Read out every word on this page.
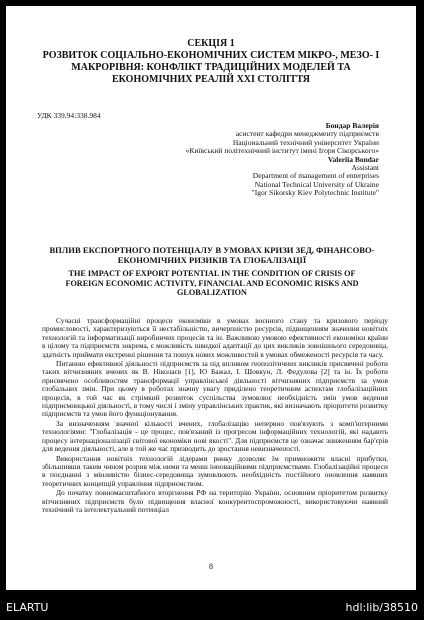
СЕКЦІЯ 1
РОЗВИТОК СОЦІАЛЬНО-ЕКОНОМІЧНИХ СИСТЕМ МІКРО-, МЕЗО- І
МАКРОРІВНЯ: КОНФЛІКТ ТРАДИЦІЙНИХ МОДЕЛЕЙ ТА
ЕКОНОМІЧНИХ РЕАЛІЙ XXI СТОЛІТТЯ
УДК 339.94:338.984
Бондар Валерія
асистент кафедри менеджменту підприємств
Національний технічний університет України
«Київський політехнічний інститут імені Ігоря Сікорського»
Valeriia Bondar
Assistant
Department of management of enterprises
National Technical University of Ukraine
"Igor Sikorsky Kiev Polytechnic Institute"
ВПЛИВ ЕКСПОРТНОГО ПОТЕНЦІАЛУ В УМОВАХ КРИЗИ ЗЕД, ФІНАНСОВО-
ЕКОНОМІЧНИХ РИЗИКІВ ТА ГЛОБАЛІЗАЦІЇ
THE IMPACT OF EXPORT POTENTIAL IN THE CONDITION OF CRISIS OF
FOREIGN ECONOMIC ACTIVITY, FINANCIAL AND ECONOMIC RISKS AND
GLOBALIZATION

Сучасні трансформаційні процеси економіки в умовах воєнного стану та кризового періоду промисловості, характеризуються її нестабільністю, вичерпністю ресурсів, підвищенням значення новітніх технологій та інформатизації виробничих процесів та ін. Важливою умовою ефективності економіки країни в цілому та підприємств зокрема, є можливість швидкої адаптації до цих викликів зовнішнього середовища, здатність приймати екстренні рішення та пошук нових можливостей в умовах обмеженості ресурсів та часу.

Питанню ефективної діяльності підприємств за під впливом геополітичних викликів присвячені роботи таких вітчизняних вчених як В. Ніколаєв [1], Ю Бажал, І. Шовкун, Л. Федулова [2] та ін. Їх роботи присвячено особливостям трансформації управлінської діяльності вітчизняних підприємств за умов глобальних змін. При цьому в роботах значну увагу приділено теоретичним аспектам глобалізаційних процесів, в той час як стрімкий розвиток суспільства зумовлює необхідність змін умов ведення підприємницької діяльності, в тому числі і зміну управлінських практик, які визначають пріоритети розвитку підприємств та умов його функціонування.

За визначенням значної кількості вчених, глобалізацію непервно пов'язують з комп'ютерними технологіями: "Глобалізація - це процес, пов'язаний із прогресом інформаційних технологій, які надають процесу інтернаціоналізації світової економіки нові якості". Для підприємств це означає зниженням бар'єрів для ведення діяльності, але в той же час призводить до зростання невизначеності.

Використання новітніх технологій лідерами ринку дозволяє їм примножити власні прибутки, збільшивши таким чином розрив між ними та менш інноваційними підприємствами. Глобалізаційні процеси в поєднанні з мінливістю бізнес-середовища зумовлюють необхідність постійного оновлення наявних теоретичних концепцій управління підприємством.

До початку повномасштабного вторгнення РФ на територію України, основним пріоритетом розвитку вітчизняних підприємств було підвищення власної конкурентоспроможності, використовуючи наявний технічний та інтелектуальний потенціал

8
ELARTU	hdl:lib/38510
